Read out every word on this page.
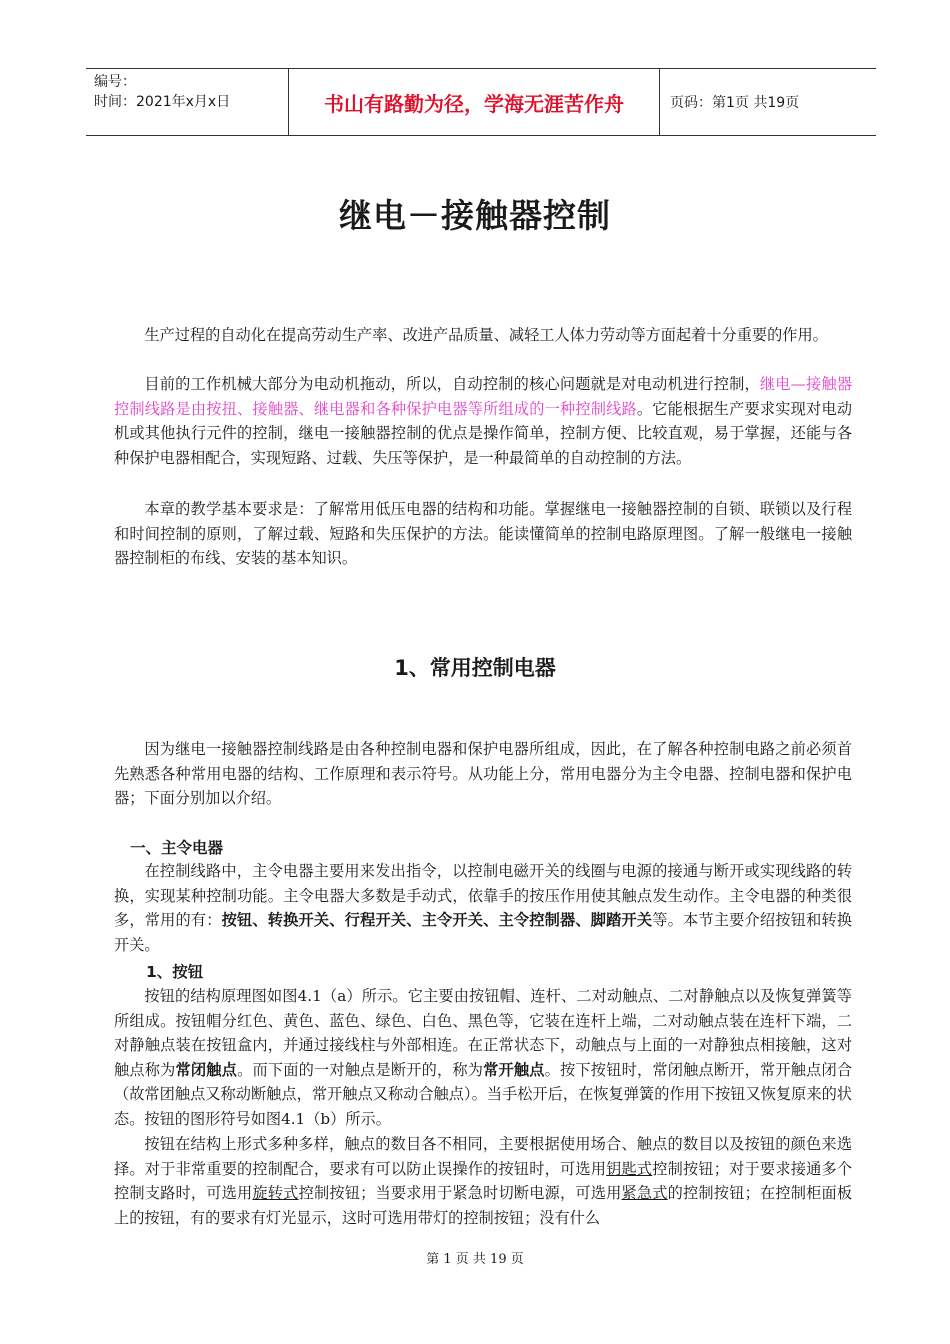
编号：
时间：2021年x月x日	书山有路勤为径，学海无涯苦作舟	页码：第1页 共19页
继电－接触器控制

生产过程的自动化在提高劳动生产率、改进产品质量、减轻工人体力劳动等方面起着十分重要的作用。

目前的工作机械大部分为电动机拖动，所以，自动控制的核心问题就是对电动机进行控制，继电—接触器控制线路是由按扭、接触器、继电器和各种保护电器等所组成的一种控制线路。它能根据生产要求实现对电动机或其他执行元件的控制，继电一接触器控制的优点是操作简单，控制方便、比较直观，易于掌握，还能与各种保护电器相配合，实现短路、过载、失压等保护，是一种最简单的自动控制的方法。

本章的教学基本要求是：了解常用低压电器的结构和功能。掌握继电一接触器控制的自锁、联锁以及行程和时间控制的原则，了解过载、短路和失压保护的方法。能读懂简单的控制电路原理图。了解一般继电一接触器控制柜的布线、安装的基本知识。

1、常用控制电器

因为继电一接触器控制线路是由各种控制电器和保护电器所组成，因此，在了解各种控制电路之前必须首先熟悉各种常用电器的结构、工作原理和表示符号。从功能上分，常用电器分为主令电器、控制电器和保护电器；下面分别加以介绍。

一、主令电器

在控制线路中，主令电器主要用来发出指令，以控制电磁开关的线圈与电源的接通与断开或实现线路的转换，实现某种控制功能。主令电器大多数是手动式，依靠手的按压作用使其触点发生动作。主令电器的种类很多，常用的有：按钮、转换开关、行程开关、主令开关、主令控制器、脚踏开关等。本节主要介绍按钮和转换开关。

1、按钮

按钮的结构原理图如图4.1（a）所示。它主要由按钮帽、连杆、二对动触点、二对静触点以及恢复弹簧等所组成。按钮帽分红色、黄色、蓝色、绿色、白色、黑色等，它装在连杆上端，二对动触点装在连杆下端，二对静触点装在按钮盒内，并通过接线柱与外部相连。在正常状态下，动触点与上面的一对静独点相接触，这对触点称为常闭触点。而下面的一对触点是断开的，称为常开触点。按下按钮时，常闭触点断开，常开触点闭合（故常团触点又称动断触点，常开触点又称动合触点）。当手松开后，在恢复弹簧的作用下按钮又恢复原来的状态。按钮的图形符号如图4.1（b）所示。

按钮在结构上形式多种多样，触点的数目各不相同，主要根据使用场合、触点的数目以及按钮的颜色来选择。对于非常重要的控制配合，要求有可以防止误操作的按钮时，可选用钥匙式控制按钮；对于要求接通多个控制支路时，可选用旋转式控制按钮；当要求用于紧急时切断电源，可选用紧急式的控制按钮；在控制柜面板上的按钮，有的要求有灯光显示，这时可选用带灯的控制按钮；没有什么

第 1 页 共 19 页
